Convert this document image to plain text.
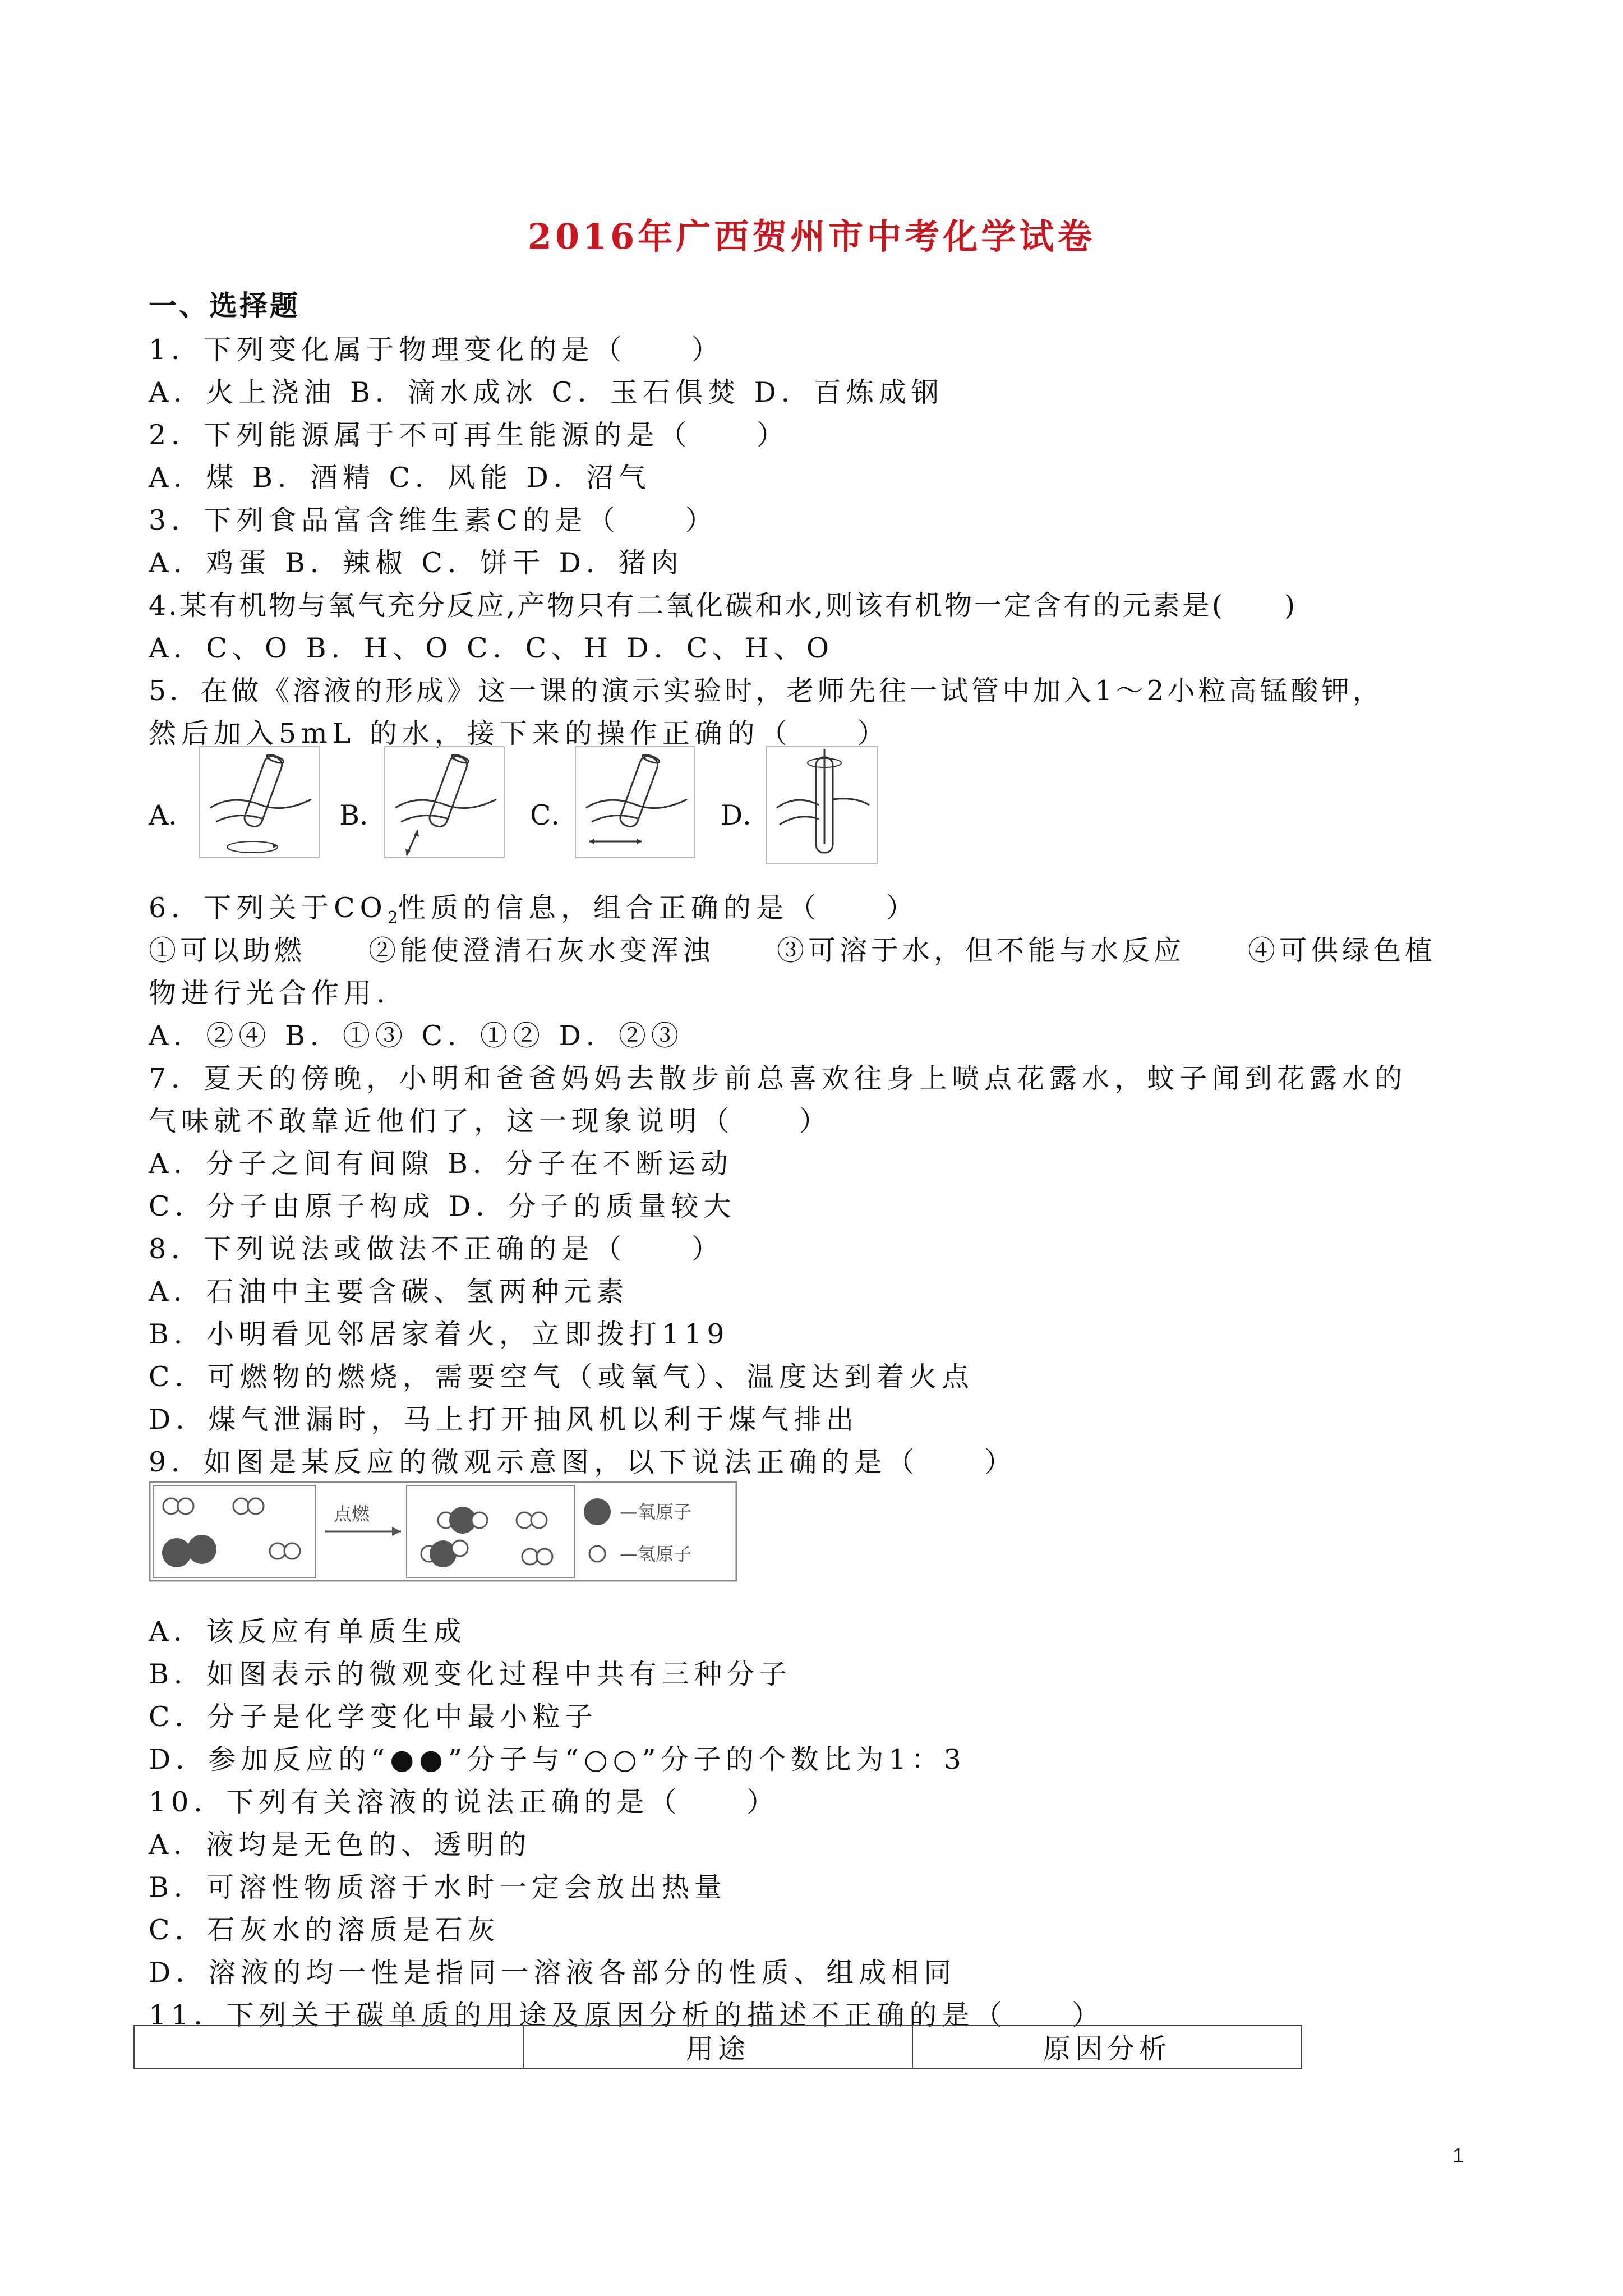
2016年广西贺州市中考化学试卷
一、选择题
1．下列变化属于物理变化的是（　　）
A．火上浇油 B．滴水成冰 C．玉石俱焚 D．百炼成钢
2．下列能源属于不可再生能源的是（　　）
A．煤 B．酒精 C．风能 D．沼气
3．下列食品富含维生素C的是（　　）
A．鸡蛋 B．辣椒 C．饼干 D．猪肉
4.某有机物与氧气充分反应,产物只有二氧化碳和水,则该有机物一定含有的元素是(　　)
A．C、O B．H、O C．C、H D．C、H、O
5．在做《溶液的形成》这一课的演示实验时，老师先往一试管中加入1～2小粒高锰酸钾，
然后加入5mL 的水，接下来的操作正确的（　　）
A．	B．	C．	D．
6．下列关于$CO_2$性质的信息，组合正确的是（　　）
①可以助燃　　②能使澄清石灰水变浑浊　　③可溶于水，但不能与水反应　　④可供绿色植
物进行光合作用.
A．②④ B．①③ C．①② D．②③
7．夏天的傍晚，小明和爸爸妈妈去散步前总喜欢往身上喷点花露水，蚊子闻到花露水的
气味就不敢靠近他们了，这一现象说明（　　）
A．分子之间有间隙 B．分子在不断运动
C．分子由原子构成 D．分子的质量较大
8．下列说法或做法不正确的是（　　）
A．石油中主要含碳、氢两种元素
B．小明看见邻居家着火，立即拨打119
C．可燃物的燃烧，需要空气（或氧气）、温度达到着火点
D．煤气泄漏时，马上打开抽风机以利于煤气排出
9．如图是某反应的微观示意图，以下说法正确的是（　　）
点燃	—氧原子
—氢原子
A．该反应有单质生成
B．如图表示的微观变化过程中共有三种分子
C．分子是化学变化中最小粒子
D．参加反应的“●●”分子与“○○”分子的个数比为1：3
10．下列有关溶液的说法正确的是（　　）
A．液均是无色的、透明的
B．可溶性物质溶于水时一定会放出热量
C．石灰水的溶质是石灰
D．溶液的均一性是指同一溶液各部分的性质、组成相同
11．下列关于碳单质的用途及原因分析的描述不正确的是（　　）
	用途	原因分析
1
